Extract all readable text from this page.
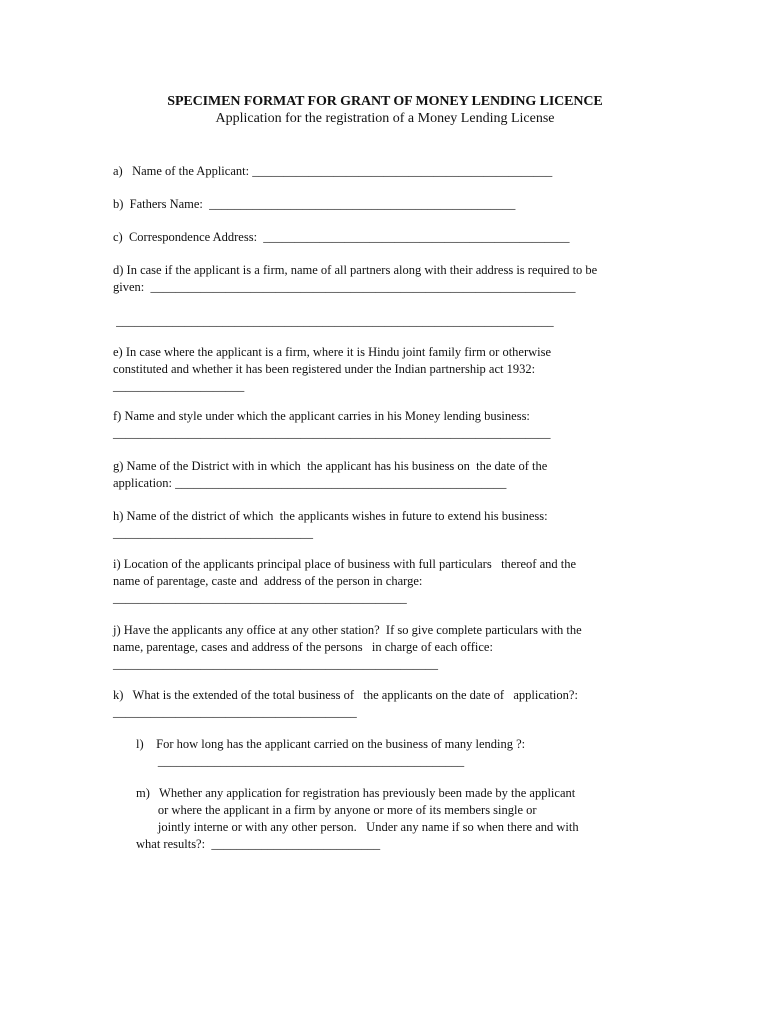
SPECIMEN FORMAT FOR GRANT OF MONEY LENDING LICENCE
Application for the registration of a Money Lending License
a)   Name of the Applicant: ________________________________________________
b)  Fathers Name:  _________________________________________________
c)  Correspondence Address:  _________________________________________________
d) In case if the applicant is a firm, name of all partners along with their address is required to be
given:  ____________________________________________________________________
______________________________________________________________________
e) In case where the applicant is a firm, where it is Hindu joint family firm or otherwise
constituted and whether it has been registered under the Indian partnership act 1932:
_____________________
f) Name and style under which the applicant carries in his Money lending business:
______________________________________________________________________
g) Name of the District with in which  the applicant has his business on  the date of the
application: _____________________________________________________
h) Name of the district of which  the applicants wishes in future to extend his business:
________________________________
i) Location of the applicants principal place of business with full particulars   thereof and the
name of parentage, caste and  address of the person in charge:
_______________________________________________
j) Have the applicants any office at any other station?  If so give complete particulars with the
name, parentage, cases and address of the persons   in charge of each office:
____________________________________________________
k)   What is the extended of the total business of   the applicants on the date of   application?:
_______________________________________
l)    For how long has the applicant carried on the business of many lending ?:
_________________________________________________
m)   Whether any application for registration has previously been made by the applicant
or where the applicant in a firm by anyone or more of its members single or
jointly interne or with any other person.   Under any name if so when there and with
what results?:  ___________________________
